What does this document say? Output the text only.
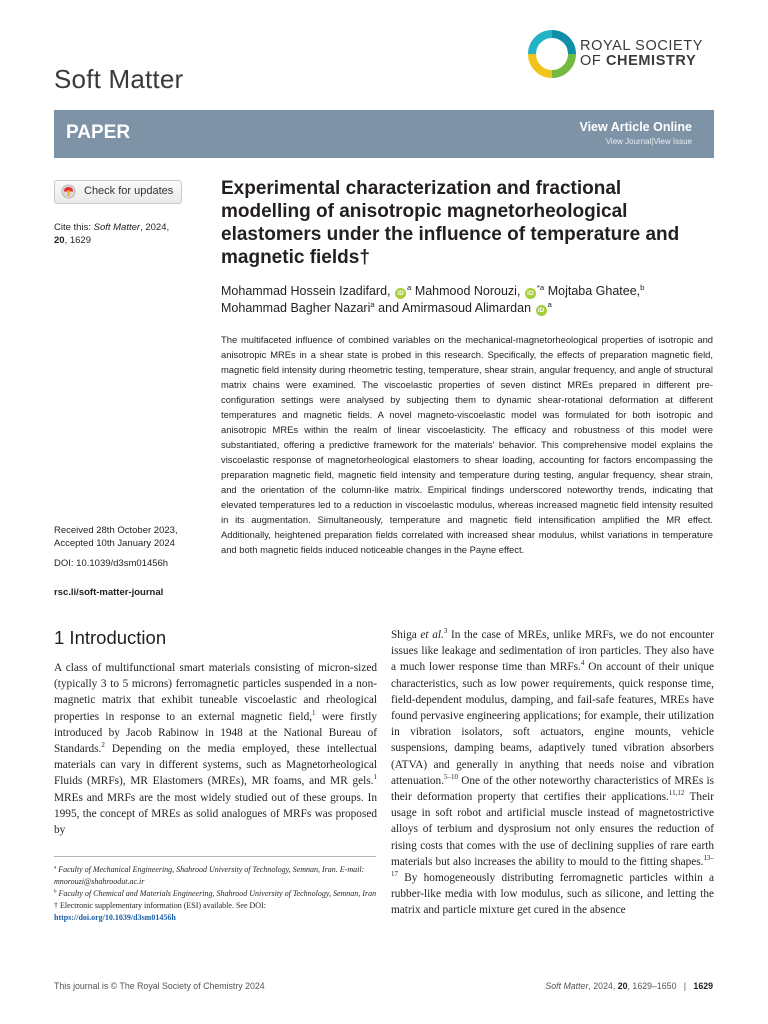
Soft Matter
ROYAL SOCIETY
OF CHEMISTRY
PAPER	View Article Online
View Journal|View Issue
Check for updates
Cite this: Soft Matter, 2024,
20, 1629
Received 28th October 2023,
Accepted 10th January 2024
DOI: 10.1039/d3sm01456h
rsc.li/soft-matter-journal
Experimental characterization and fractional modelling of anisotropic magnetorheological elastomers under the influence of temperature and magnetic fields†
Mohammad Hossein Izadifard, $iD^a$ Mahmood Norouzi, $iD^{*a}$ Mojtaba Ghatee,$^b$
Mohammad Bagher Nazari$^a$ and Amirmasoud Alimardan $iD^a$
The multifaceted influence of combined variables on the mechanical-magnetorheological properties of isotropic and anisotropic MREs in a shear state is probed in this research. Specifically, the effects of preparation magnetic field, magnetic field intensity during rheometric testing, temperature, shear strain, angular frequency, and angle of structural matrix chains were examined. The viscoelastic properties of seven distinct MREs prepared in different pre-configuration settings were analysed by subjecting them to dynamic shear-rotational deformation at different temperatures and magnetic fields. A novel magneto-viscoelastic model was formulated for both isotropic and anisotropic MREs within the realm of linear viscoelasticity. The efficacy and robustness of this model were substantiated, offering a predictive framework for the materials' behavior. This comprehensive model explains the viscoelastic response of magnetorheological elastomers to shear loading, accounting for factors encompassing the preparation magnetic field, magnetic field intensity and temperature during testing, angular frequency, shear strain, and the orientation of the column-like matrix. Empirical findings underscored noteworthy trends, indicating that elevated temperatures led to a reduction in viscoelastic modulus, whereas increased magnetic field intensity resulted in its augmentation. Simultaneously, temperature and magnetic field intensification amplified the MR effect. Additionally, heightened preparation fields correlated with increased shear modulus, whilst variations in temperature and both magnetic fields induced noticeable changes in the Payne effect.
1 Introduction
A class of multifunctional smart materials consisting of micron-sized (typically 3 to 5 microns) ferromagnetic particles suspended in a non-magnetic matrix that exhibit tuneable viscoelastic and rheological properties in response to an external magnetic field,$^1$ were firstly introduced by Jacob Rabinow in 1948 at the National Bureau of Standards.$^2$ Depending on the media employed, these intellectual materials can vary in different systems, such as Magnetorheological Fluids (MRFs), MR Elastomers (MREs), MR foams, and MR gels.$^1$ MREs and MRFs are the most widely studied out of these groups. In 1995, the concept of MREs as solid analogues of MRFs was proposed by
Shiga et al.$^3$ In the case of MREs, unlike MRFs, we do not encounter issues like leakage and sedimentation of iron particles. They also have a much lower response time than MRFs.$^4$ On account of their unique characteristics, such as low power requirements, quick response time, field-dependent modulus, damping, and fail-safe features, MREs have found pervasive engineering applications; for example, their utilization in vibration isolators, soft actuators, engine mounts, vehicle suspensions, damping beams, adaptively tuned vibration absorbers (ATVA) and generally in anything that needs noise and vibration attenuation.$^{5-10}$ One of the other noteworthy characteristics of MREs is their deformation property that certifies their applications.$^{11,12}$ Their usage in soft robot and artificial muscle instead of magnetostrictive alloys of terbium and dysprosium not only ensures the reduction of rising costs that comes with the use of declining supplies of rare earth materials but also increases the ability to mould to the fitting shapes.$^{13-17}$ By homogeneously distributing ferromagnetic particles within a rubber-like media with low modulus, such as silicone, and letting the matrix and particle mixture get cured in the absence
$^a$ Faculty of Mechanical Engineering, Shahrood University of Technology, Semnan, Iran. E-mail: mnorouzi@shahroodut.ac.ir
$^b$ Faculty of Chemical and Materials Engineering, Shahrood University of Technology, Semnan, Iran
† Electronic supplementary information (ESI) available. See DOI: https://doi.org/10.1039/d3sm01456h
This journal is © The Royal Society of Chemistry 2024	Soft Matter, 2024, 20, 1629–1650   |   1629
